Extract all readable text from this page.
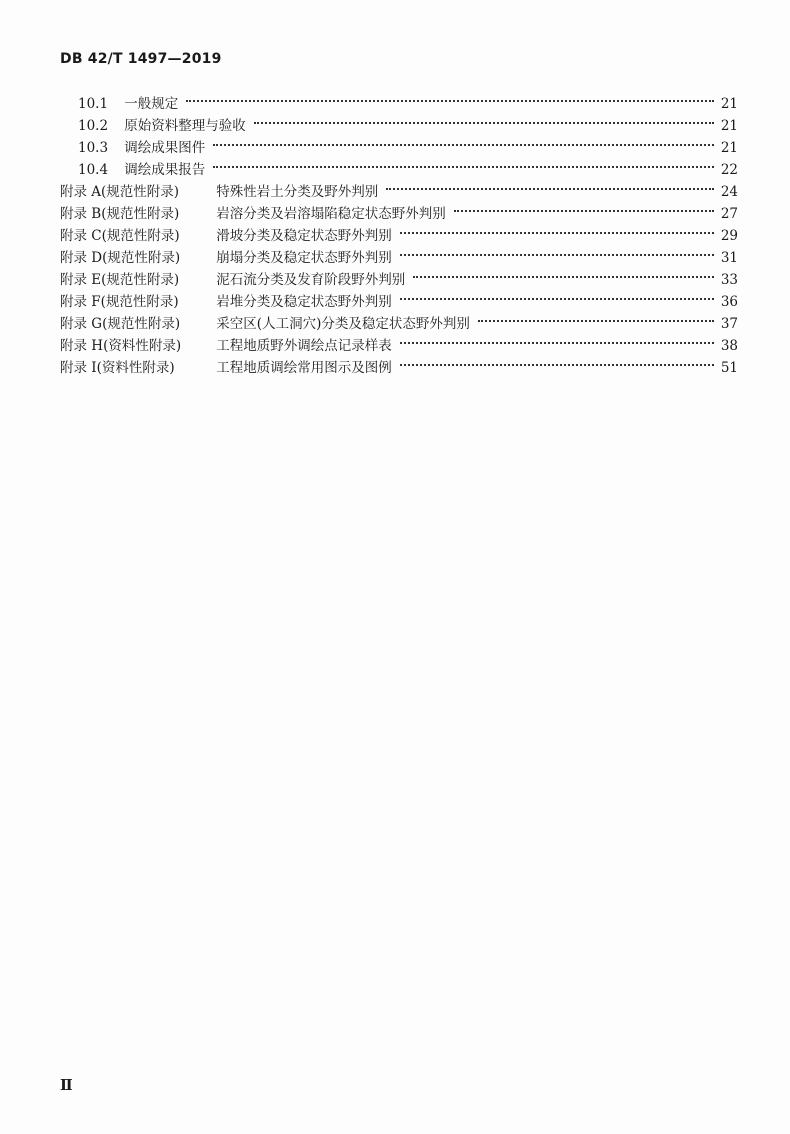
DB 42/T 1497—2019
10.1 一般规定	21
10.2 原始资料整理与验收	21
10.3 调绘成果图件	21
10.4 调绘成果报告	22
附录 A(规范性附录)	特殊性岩土分类及野外判别	24
附录 B(规范性附录)	岩溶分类及岩溶塌陷稳定状态野外判别	27
附录 C(规范性附录)	滑坡分类及稳定状态野外判别	29
附录 D(规范性附录)	崩塌分类及稳定状态野外判别	31
附录 E(规范性附录)	泥石流分类及发育阶段野外判别	33
附录 F(规范性附录)	岩堆分类及稳定状态野外判别	36
附录 G(规范性附录)	采空区(人工洞穴)分类及稳定状态野外判别	37
附录 H(资料性附录)	工程地质野外调绘点记录样表	38
附录 I(资料性附录)	工程地质调绘常用图示及图例	51
Ⅱ
